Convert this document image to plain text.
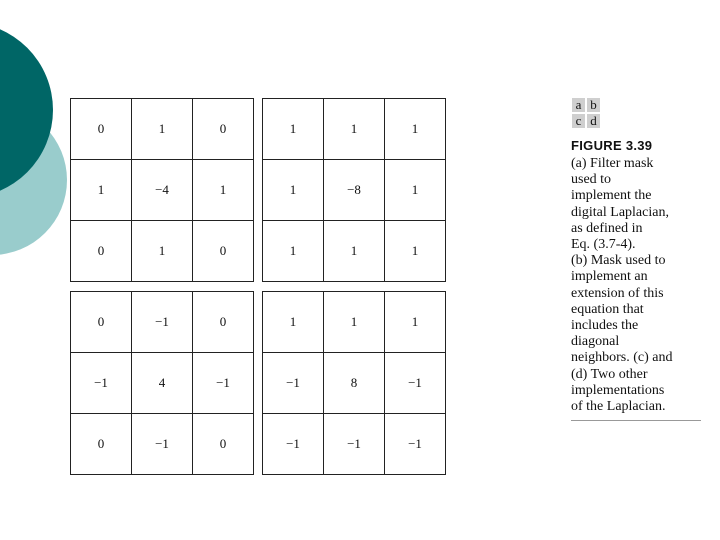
0	1	0
1	−4	1
0	1	0
1	1	1
1	−8	1
1	1	1
0	−1	0
−1	4	−1
0	−1	0
1	1	1
−1	8	−1
−1	−1	−1
a	b
c	d
FIGURE 3.39
(a) Filter mask
used to
implement the
digital Laplacian,
as defined in
Eq. (3.7-4).
(b) Mask used to
implement an
extension of this
equation that
includes the
diagonal
neighbors. (c) and
(d) Two other
implementations
of the Laplacian.
